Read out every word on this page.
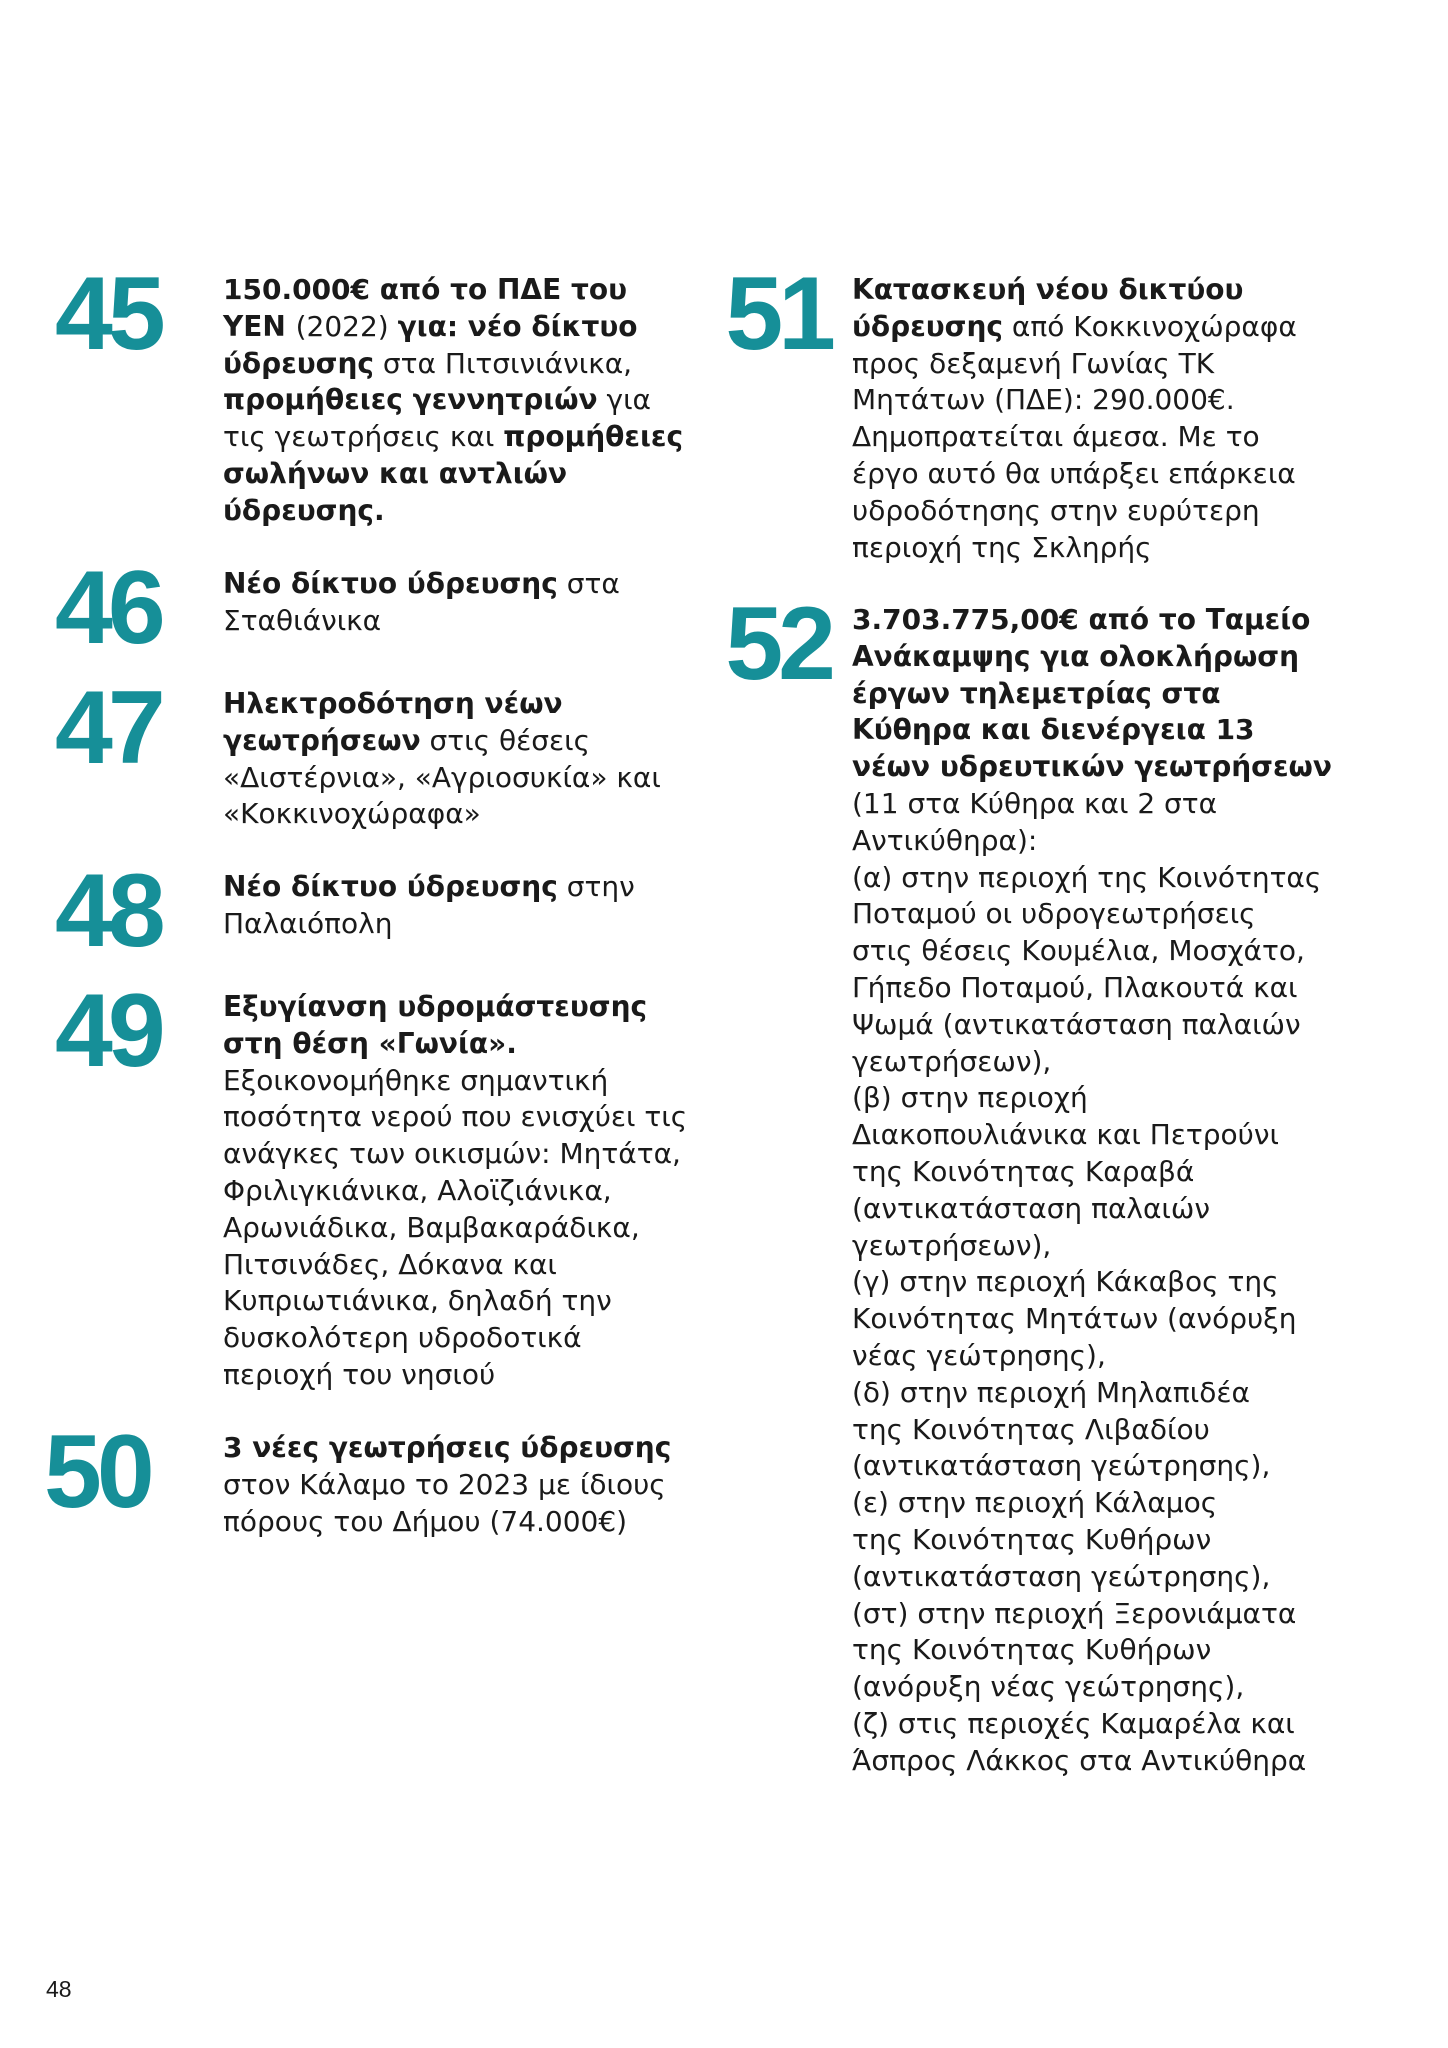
45	150.000€ από το ΠΔΕ του
ΥΕΝ (2022) για: νέο δίκτυο
ύδρευσης στα Πιτσινιάνικα,
προμήθειες γεννητριών για
τις γεωτρήσεις και προμήθειες
σωλήνων και αντλιών
ύδρευσης.
46	Νέο δίκτυο ύδρευσης στα
Σταθιάνικα
47	Ηλεκτροδότηση νέων
γεωτρήσεων στις θέσεις
«Διστέρνια», «Αγριοσυκία» και
«Κοκκινοχώραφα»
48	Νέο δίκτυο ύδρευσης στην
Παλαιόπολη
49	Εξυγίανση υδρομάστευσης
στη θέση «Γωνία».
Εξοικονομήθηκε σημαντική
ποσότητα νερού που ενισχύει τις
ανάγκες των οικισμών: Μητάτα,
Φριλιγκιάνικα, Αλοϊζιάνικα,
Αρωνιάδικα, Βαμβακαράδικα,
Πιτσινάδες, Δόκανα και
Κυπριωτιάνικα, δηλαδή την
δυσκολότερη υδροδοτικά
περιοχή του νησιού
50	3 νέες γεωτρήσεις ύδρευσης
στον Κάλαμο το 2023 με ίδιους
πόρους του Δήμου (74.000€)
51 Κατασκευή νέου δικτύου
ύδρευσης από Κοκκινοχώραφα
προς δεξαμενή Γωνίας ΤΚ
Μητάτων (ΠΔΕ): 290.000€.
Δημοπρατείται άμεσα. Με το
έργο αυτό θα υπάρξει επάρκεια
υδροδότησης στην ευρύτερη
περιοχή της Σκληρής
52 3.703.775,00€ από το Ταμείο
Ανάκαμψης για ολοκλήρωση
έργων τηλεμετρίας στα
Κύθηρα και διενέργεια 13
νέων υδρευτικών γεωτρήσεων
(11 στα Κύθηρα και 2 στα
Αντικύθηρα):
(α) στην περιοχή της Κοινότητας
Ποταμού οι υδρογεωτρήσεις
στις θέσεις Κουμέλια, Μοσχάτο,
Γήπεδο Ποταμού, Πλακουτά και
Ψωμά (αντικατάσταση παλαιών
γεωτρήσεων),
(β) στην περιοχή
Διακοπουλιάνικα και Πετρούνι
της Κοινότητας Καραβά
(αντικατάσταση παλαιών
γεωτρήσεων),
(γ) στην περιοχή Κάκαβος της
Κοινότητας Μητάτων (ανόρυξη
νέας γεώτρησης),
(δ) στην περιοχή Μηλαπιδέα
της Κοινότητας Λιβαδίου
(αντικατάσταση γεώτρησης),
(ε) στην περιοχή Κάλαμος
της Κοινότητας Κυθήρων
(αντικατάσταση γεώτρησης),
(στ) στην περιοχή Ξερονιάματα
της Κοινότητας Κυθήρων
(ανόρυξη νέας γεώτρησης),
(ζ) στις περιοχές Καμαρέλα και
Άσπρος Λάκκος στα Αντικύθηρα
48
